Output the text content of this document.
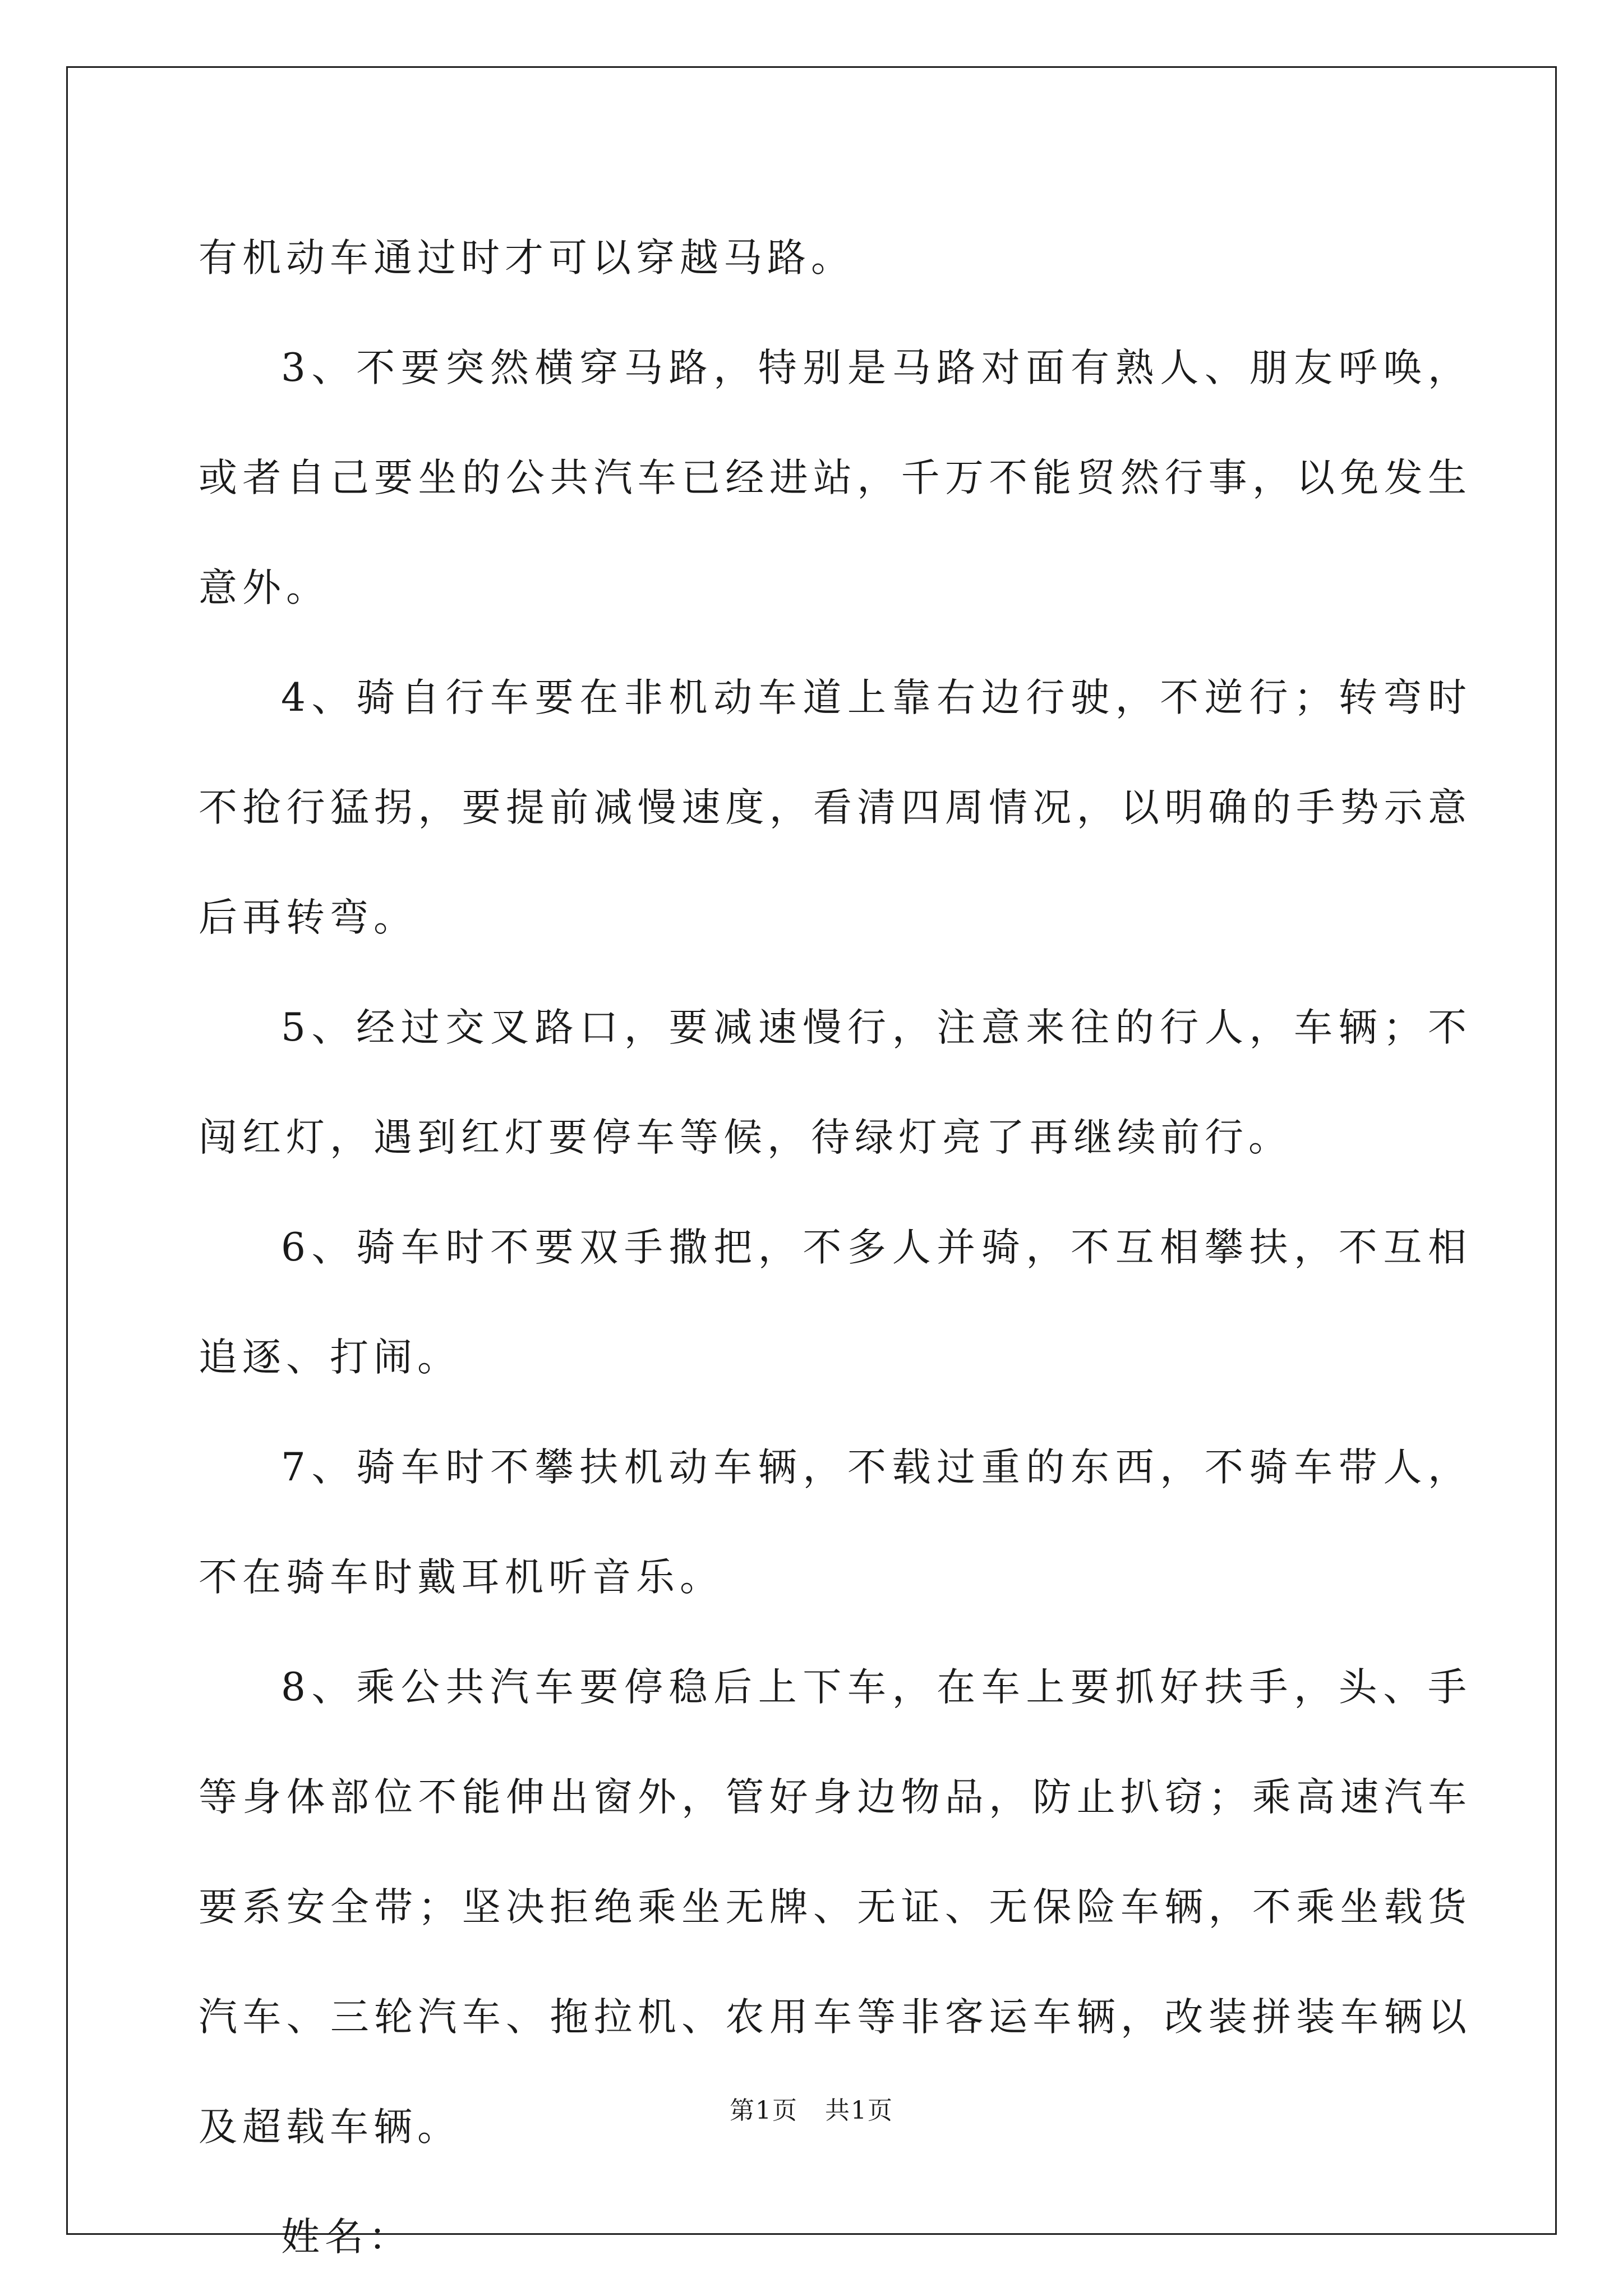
有机动车通过时才可以穿越马路。

3、不要突然横穿马路，特别是马路对面有熟人、朋友呼唤，或者自己要坐的公共汽车已经进站，千万不能贸然行事，以免发生意外。

4、骑自行车要在非机动车道上靠右边行驶，不逆行；转弯时不抢行猛拐，要提前减慢速度，看清四周情况，以明确的手势示意后再转弯。

5、经过交叉路口，要减速慢行，注意来往的行人，车辆；不闯红灯，遇到红灯要停车等候，待绿灯亮了再继续前行。

6、骑车时不要双手撒把，不多人并骑，不互相攀扶，不互相追逐、打闹。

7、骑车时不攀扶机动车辆，不载过重的东西，不骑车带人，不在骑车时戴耳机听音乐。

8、乘公共汽车要停稳后上下车，在车上要抓好扶手，头、手等身体部位不能伸出窗外，管好身边物品，防止扒窃；乘高速汽车要系安全带；坚决拒绝乘坐无牌、无证、无保险车辆，不乘坐载货汽车、三轮汽车、拖拉机、农用车等非客运车辆，改装拼装车辆以及超载车辆。

姓名：

第1页 共1页
